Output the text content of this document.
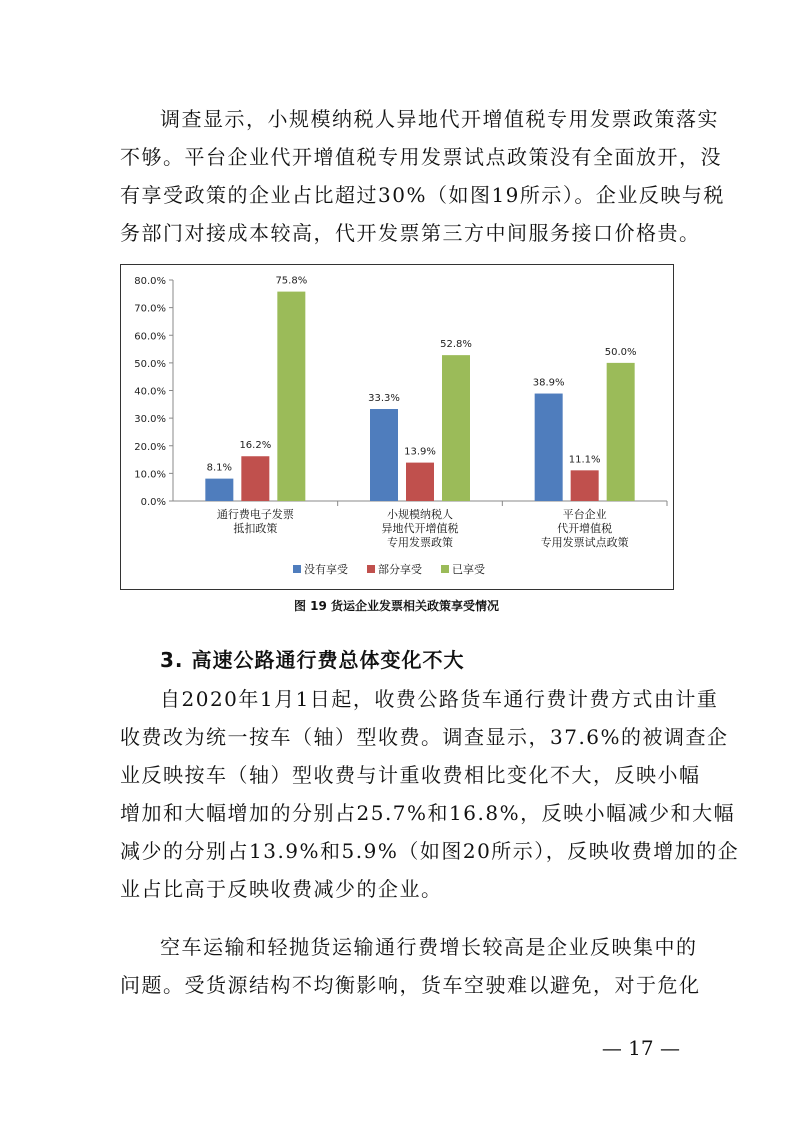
调查显示，小规模纳税人异地代开增值税专用发票政策落实
不够。平台企业代开增值税专用发票试点政策没有全面放开，没
有享受政策的企业占比超过30%（如图19所示）。企业反映与税
务部门对接成本较高，代开发票第三方中间服务接口价格贵。
0.0%
10.0%
20.0%
30.0%
40.0%
50.0%
60.0%
70.0%
80.0%
8.1%
16.2%
75.8%
通行费电子发票
抵扣政策
33.3%
13.9%
52.8%
小规模纳税人
异地代开增值税
专用发票政策
38.9%
11.1%
50.0%
平台企业
代开增值税
专用发票试点政策
没有享受	部分享受	已享受
图 19 货运企业发票相关政策享受情况
3. 高速公路通行费总体变化不大
自2020年1月1日起，收费公路货车通行费计费方式由计重
收费改为统一按车（轴）型收费。调查显示，37.6%的被调查企
业反映按车（轴）型收费与计重收费相比变化不大，反映小幅
增加和大幅增加的分别占25.7%和16.8%，反映小幅减少和大幅
减少的分别占13.9%和5.9%（如图20所示），反映收费增加的企
业占比高于反映收费减少的企业。
空车运输和轻抛货运输通行费增长较高是企业反映集中的
问题。受货源结构不均衡影响，货车空驶难以避免，对于危化
— 17 —
